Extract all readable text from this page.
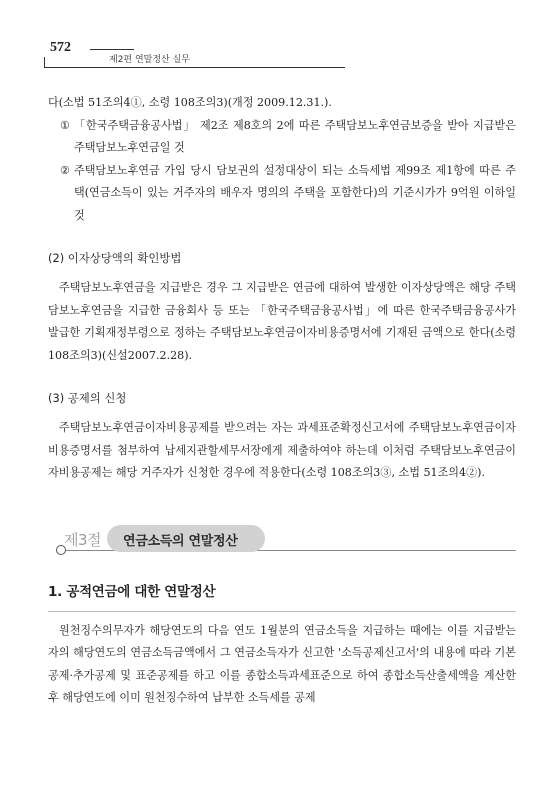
572
제2편 연말정산 실무

다(소법 51조의4①, 소령 108조의3)(개정 2009.12.31.).

① 「한국주택금융공사법」 제2조 제8호의 2에 따른 주택담보노후연금보증을 받아 지급받은 주택담보노후연금일 것

② 주택담보노후연금 가입 당시 담보권의 설정대상이 되는 소득세법 제99조 제1항에 따른 주택(연금소득이 있는 거주자의 배우자 명의의 주택을 포함한다)의 기준시가가 9억원 이하일 것

(2) 이자상당액의 확인방법

주택담보노후연금을 지급받은 경우 그 지급받은 연금에 대하여 발생한 이자상당액은 해당 주택담보노후연금을 지급한 금융회사 등 또는 「한국주택금융공사법」에 따른 한국주택금융공사가 발급한 기획재정부령으로 정하는 주택담보노후연금이자비용증명서에 기재된 금액으로 한다(소령 108조의3)(신설2007.2.28).

(3) 공제의 신청

주택담보노후연금이자비용공제를 받으려는 자는 과세표준확정신고서에 주택담보노후연금이자비용증명서를 첨부하여 납세지관할세무서장에게 제출하여야 하는데 이처럼 주택담보노후연금이자비용공제는 해당 거주자가 신청한 경우에 적용한다(소령 108조의3③, 소법 51조의4②).

제3절 연금소득의 연말정산
1. 공적연금에 대한 연말정산

원천징수의무자가 해당연도의 다음 연도 1월분의 연금소득을 지급하는 때에는 이를 지급받는 자의 해당연도의 연금소득금액에서 그 연금소득자가 신고한 '소득공제신고서'의 내용에 따라 기본공제·추가공제 및 표준공제를 하고 이를 종합소득과세표준으로 하여 종합소득산출세액을 계산한 후 해당연도에 이미 원천징수하여 납부한 소득세를 공제
